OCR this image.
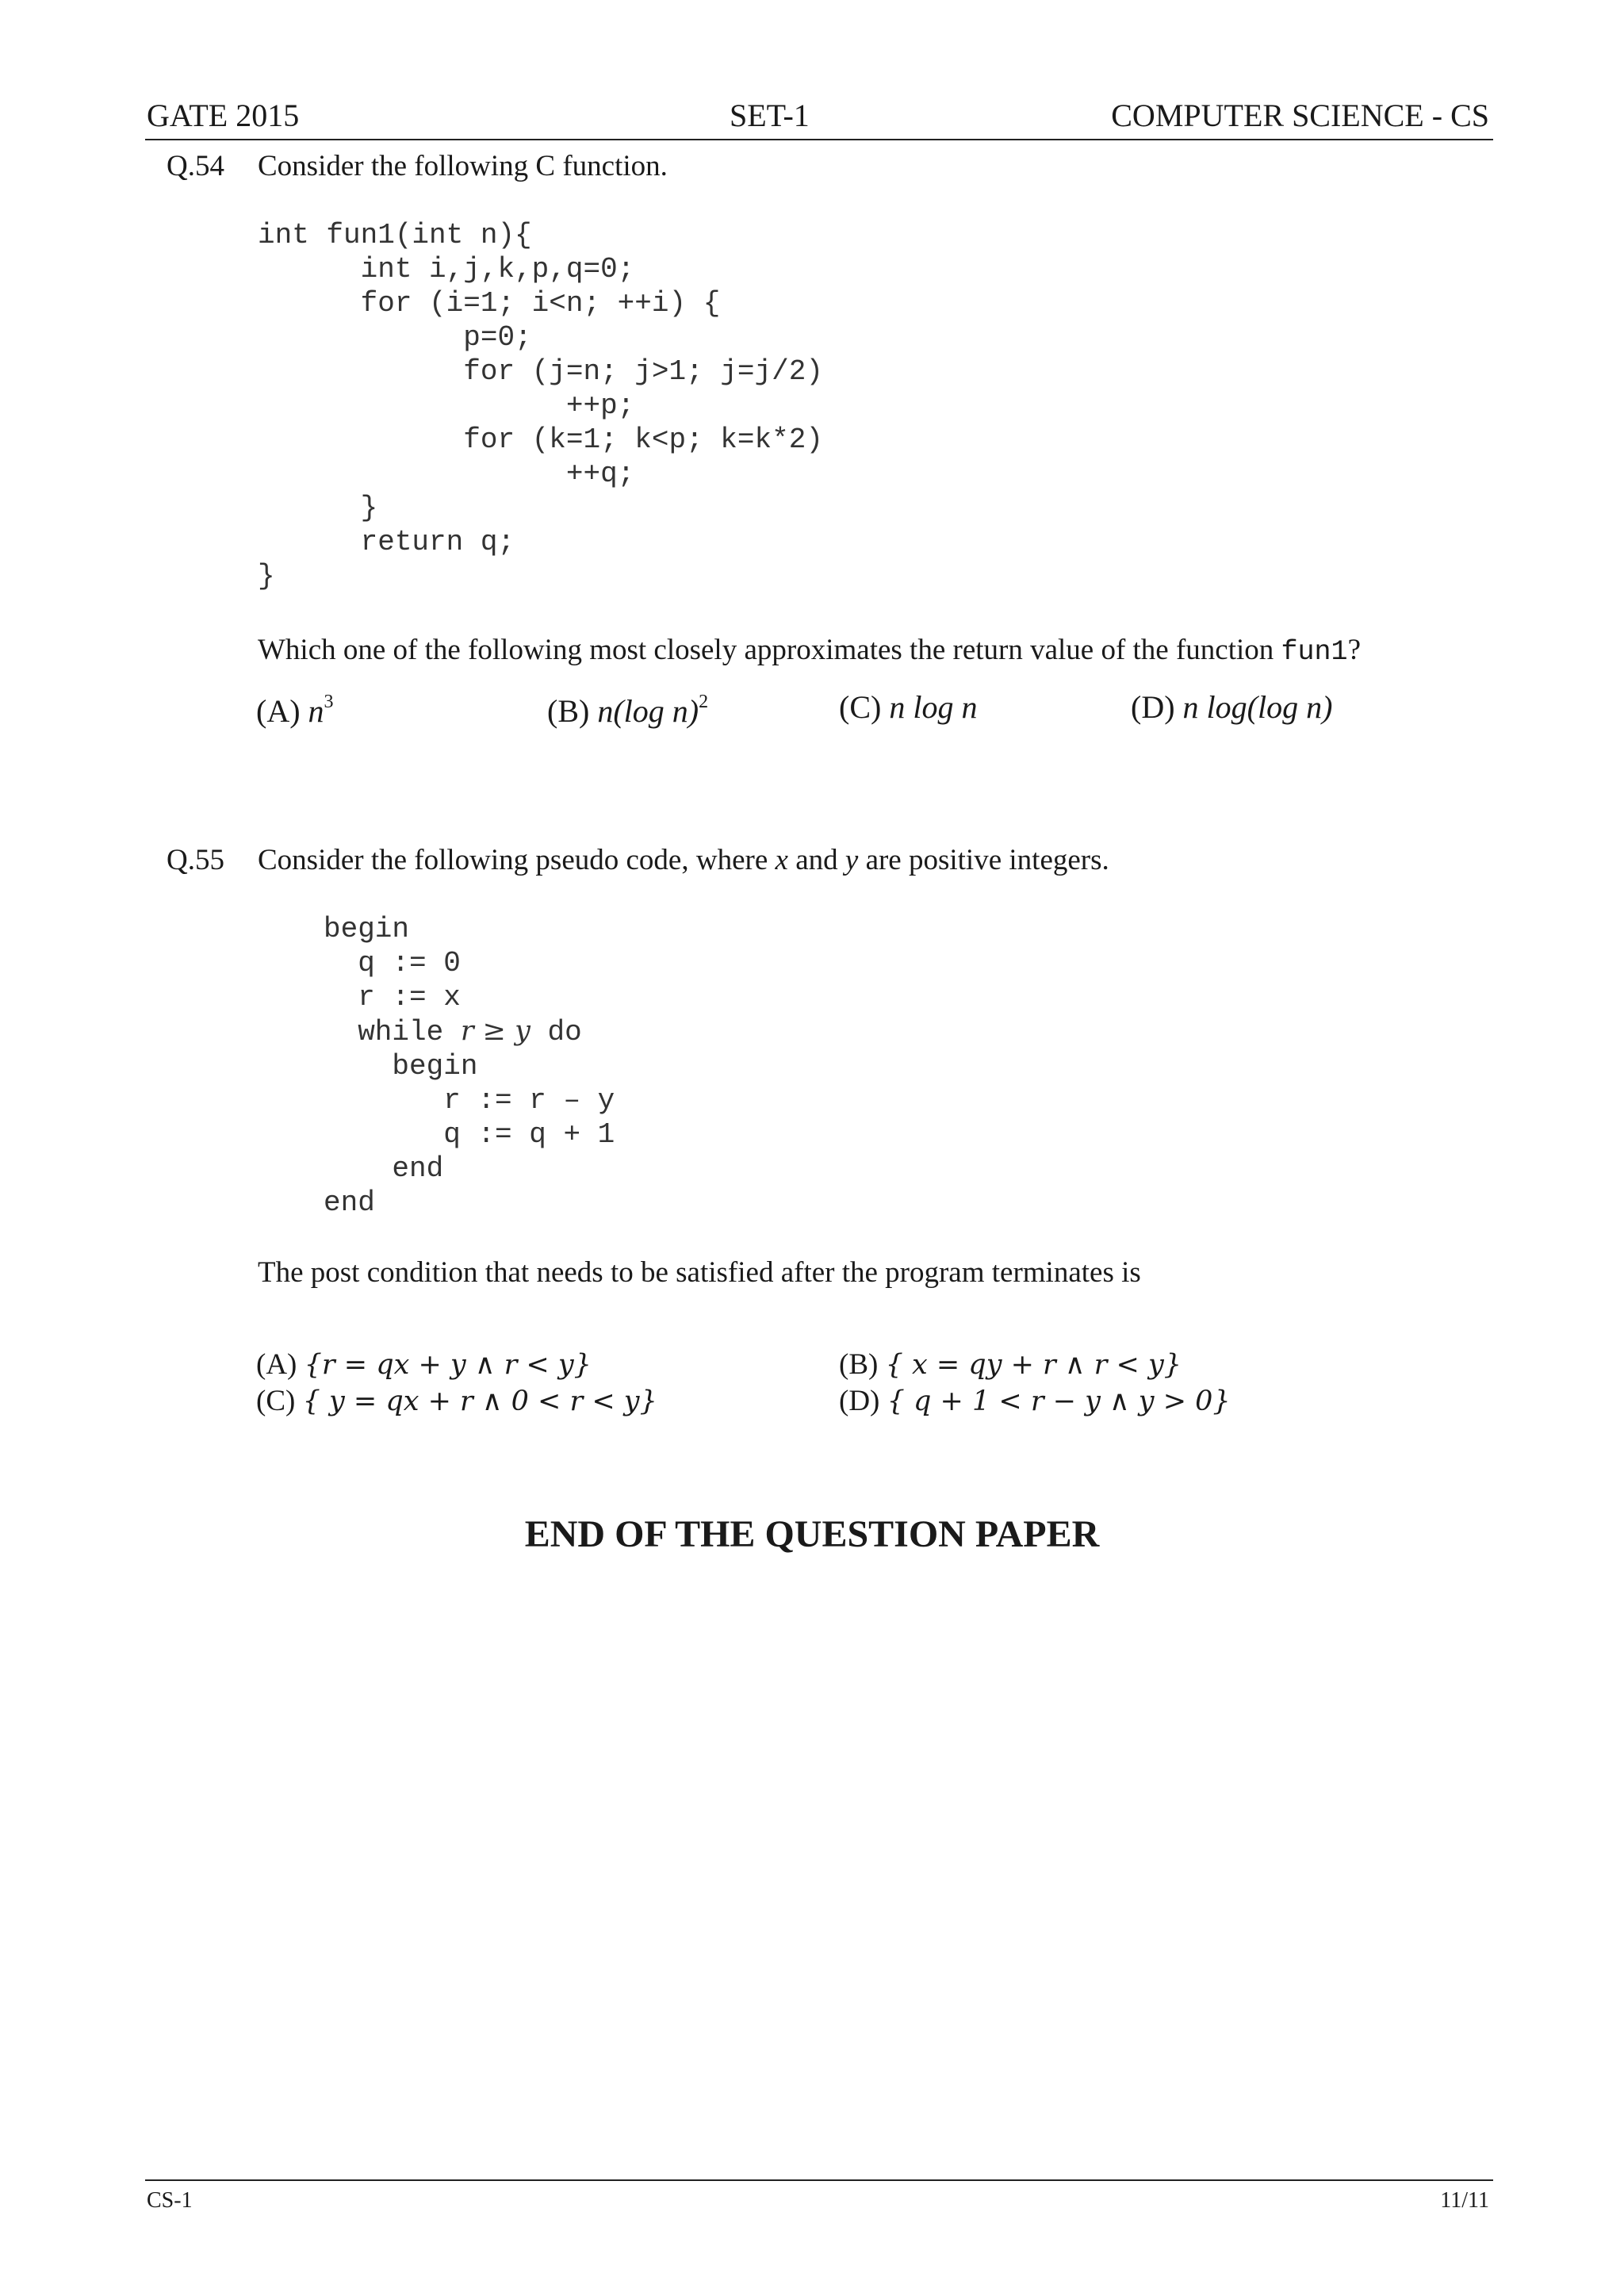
GATE 2015	SET-1	COMPUTER SCIENCE - CS
Q.54 Consider the following C function.
int fun1(int n){
int i,j,k,p,q=0;
for (i=1; i<n; ++i) {
p=0;
for (j=n; j>1; j=j/2)
++p;
for (k=1; k<p; k=k*2)
++q;
}
return q;
}
Which one of the following most closely approximates the return value of the function fun1?
(A) $n^3$	(B) n(log n)$^2$	(C) n log n	(D) n log(log n)
Q.55 Consider the following pseudo code, where x and y are positive integers.
begin
q := 0
r := x
while r ≥ y do
begin
r := r – y
q := q + 1
end
end
The post condition that needs to be satisfied after the program terminates is
(A) {r = qx + y ∧ r < y}	(B) { x = qy + r ∧ r < y}
(C) { y = qx + r ∧ 0 < r < y}	(D) { q + 1 < r − y ∧ y > 0}
END OF THE QUESTION PAPER
CS-1	11/11
